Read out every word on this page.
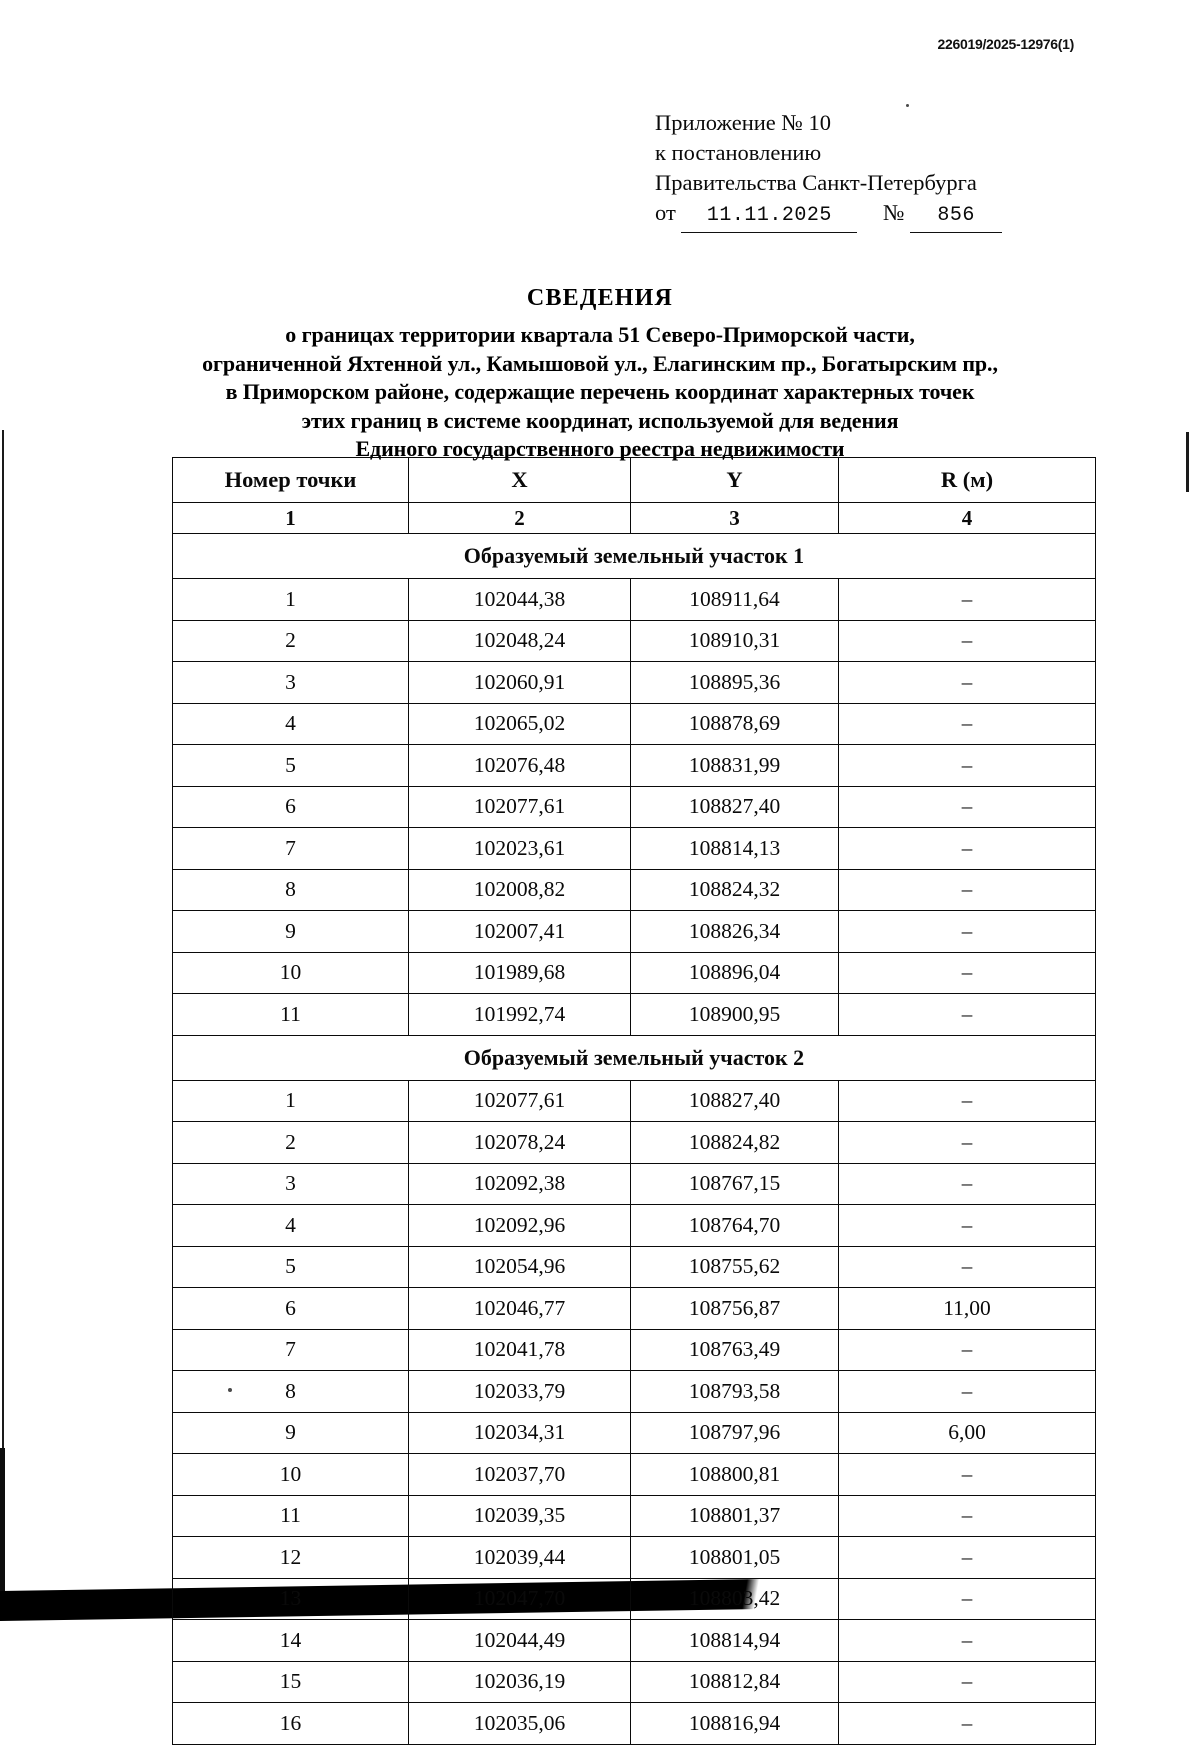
226019/2025-12976(1)
Приложение № 10
к постановлению
Правительства Санкт-Петербурга
от 11.11.2025 № 856
СВЕДЕНИЯ
о границах территории квартала 51 Северо-Приморской части,
ограниченной Яхтенной ул., Камышовой ул., Елагинским пр., Богатырским пр.,
в Приморском районе, содержащие перечень координат характерных точек
этих границ в системе координат, используемой для ведения
Единого государственного реестра недвижимости
Номер точки	X	Y	R (м)
1	2	3	4
Образуемый земельный участок 1			
1	102044,38	108911,64	–
2	102048,24	108910,31	–
3	102060,91	108895,36	–
4	102065,02	108878,69	–
5	102076,48	108831,99	–
6	102077,61	108827,40	–
7	102023,61	108814,13	–
8	102008,82	108824,32	–
9	102007,41	108826,34	–
10	101989,68	108896,04	–
11	101992,74	108900,95	–
Образуемый земельный участок 2			
1	102077,61	108827,40	–
2	102078,24	108824,82	–
3	102092,38	108767,15	–
4	102092,96	108764,70	–
5	102054,96	108755,62	–
6	102046,77	108756,87	11,00
7	102041,78	108763,49	–
8	102033,79	108793,58	–
9	102034,31	108797,96	6,00
10	102037,70	108800,81	–
11	102039,35	108801,37	–
12	102039,44	108801,05	–
13	102047,70	108803,42	–
14	102044,49	108814,94	–
15	102036,19	108812,84	–
16	102035,06	108816,94	–
